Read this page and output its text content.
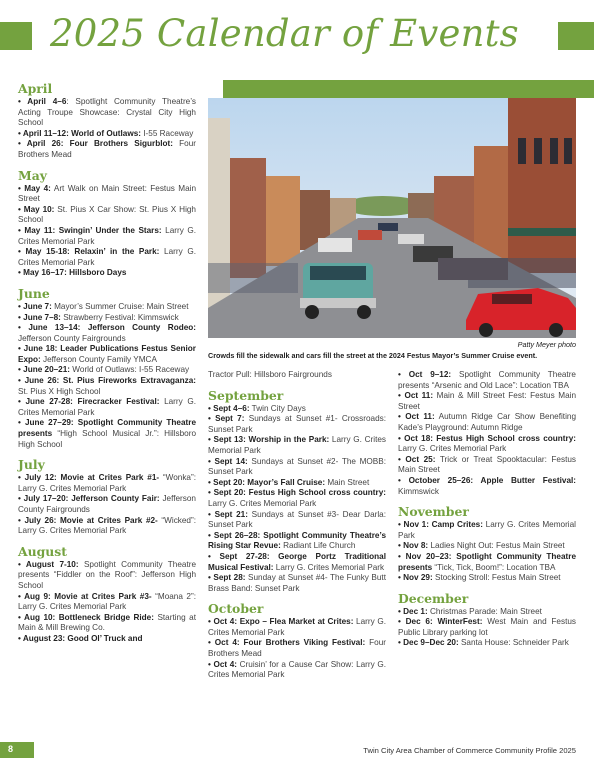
2025 Calendar of Events
Patty Meyer photo
Crowds fill the sidewalk and cars fill the street at the 2024 Festus Mayor’s Summer Cruise event.
April
• April 4–6: Spotlight Community Theatre’s Acting Troupe Showcase: Crystal City High School
• April 11–12: World of Outlaws: I-55 Raceway
• April 26: Four Brothers Sigurblot: Four Brothers Mead
May
• May 4: Art Walk on Main Street: Festus Main Street
• May 10: St. Pius X Car Show: St. Pius X High School
• May 11: Swingin’ Under the Stars: Larry G. Crites Memorial Park
• May 15-18: Relaxin’ in the Park: Larry G. Crites Memorial Park
• May 16–17: Hillsboro Days
June
• June 7: Mayor’s Summer Cruise: Main Street
• June 7–8: Strawberry Festival: Kimmswick
• June 13–14: Jefferson County Rodeo: Jefferson County Fairgrounds
• June 18: Leader Publications Festus Senior Expo: Jefferson County Family YMCA
• June 20–21: World of Outlaws: I-55 Raceway
• June 26: St. Pius Fireworks Extravaganza: St. Pius X High School
• June 27-28: Firecracker Festival: Larry G. Crites Memorial Park
• June 27–29: Spotlight Community Theatre presents “High School Musical Jr.”: Hillsboro High School
July
• July 12: Movie at Crites Park #1- “Wonka”: Larry G. Crites Memorial Park
• July 17–20: Jefferson County Fair: Jefferson County Fairgrounds
• July 26: Movie at Crites Park #2- “Wicked”: Larry G. Crites Memorial Park
August
• August 7-10: Spotlight Community Theatre presents “Fiddler on the Roof”: Jefferson High School
• Aug 9: Movie at Crites Park #3- “Moana 2”: Larry G. Crites Memorial Park
• Aug 10: Bottleneck Bridge Ride: Starting at Main & Mill Brewing Co.
• August 23: Good Ol’ Truck and
Tractor Pull: Hillsboro Fairgrounds
September
• Sept 4–6: Twin City Days
• Sept 7: Sundays at Sunset #1- Crossroads: Sunset Park
• Sept 13: Worship in the Park: Larry G. Crites Memorial Park
• Sept 14: Sundays at Sunset #2- The MOBB: Sunset Park
• Sept 20: Mayor’s Fall Cruise: Main Street
• Sept 20: Festus High School cross country: Larry G. Crites Memorial Park
• Sept 21: Sundays at Sunset #3- Dear Darla: Sunset Park
• Sept 26–28: Spotlight Community Theatre’s Rising Star Revue: Radiant Life Church
• Sept 27-28: George Portz Traditional Musical Festival: Larry G. Crites Memorial Park
• Sept 28: Sunday at Sunset #4- The Funky Butt Brass Band: Sunset Park
October
• Oct 4: Expo – Flea Market at Crites: Larry G. Crites Memorial Park
• Oct 4: Four Brothers Viking Festival: Four Brothers Mead
• Oct 4: Cruisin’ for a Cause Car Show: Larry G. Crites Memorial Park
• Oct 9–12: Spotlight Community Theatre presents “Arsenic and Old Lace”: Location TBA
• Oct 11: Main & Mill Street Fest: Festus Main Street
• Oct 11: Autumn Ridge Car Show Benefiting Kade’s Playground: Autumn Ridge
• Oct 18: Festus High School cross country: Larry G. Crites Memorial Park
• Oct 25: Trick or Treat Spooktacular: Festus Main Street
• October 25–26: Apple Butter Festival: Kimmswick
November
• Nov 1: Camp Crites: Larry G. Crites Memorial Park
• Nov 8: Ladies Night Out: Festus Main Street
• Nov 20–23: Spotlight Community Theatre presents “Tick, Tick, Boom!”: Location TBA
• Nov 29: Stocking Stroll: Festus Main Street
December
• Dec 1: Christmas Parade: Main Street
• Dec 6: WinterFest: West Main and Festus Public Library parking lot
• Dec 9–Dec 20: Santa House: Schneider Park
8	Twin City Area Chamber of Commerce Community Profile 2025
